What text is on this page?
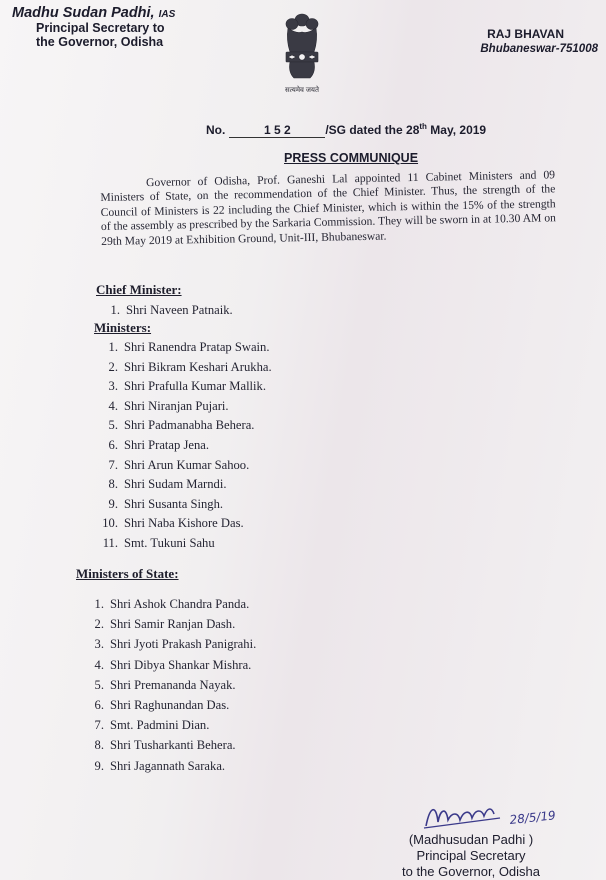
Madhu Sudan Padhi, IAS
Principal Secretary to
the Governor, Odisha
सत्यमेव जयते
RAJ BHAVAN
Bhubaneswar-751008
No.	1 5 2	/SG dated the 28th May, 2019
PRESS COMMUNIQUE

Governor of Odisha, Prof. Ganeshi Lal appointed 11 Cabinet Ministers and 09 Ministers of State, on the recommendation of the Chief Minister. Thus, the strength of the Council of Ministers is 22 including the Chief Minister, which is within the 15% of the strength of the assembly as prescribed by the Sarkaria Commission. They will be sworn in at 10.30 AM on 29th May 2019 at Exhibition Ground, Unit-III, Bhubaneswar.

Chief Minister:
1. Shri Naveen Patnaik.
Ministers:
1. Shri Ranendra Pratap Swain.
2. Shri Bikram Keshari Arukha.
3. Shri Prafulla Kumar Mallik.
4. Shri Niranjan Pujari.
5. Shri Padmanabha Behera.
6. Shri Pratap Jena.
7. Shri Arun Kumar Sahoo.
8. Shri Sudam Marndi.
9. Shri Susanta Singh.
10. Shri Naba Kishore Das.
11. Smt. Tukuni Sahu
Ministers of State:
1. Shri Ashok Chandra Panda.
2. Shri Samir Ranjan Dash.
3. Shri Jyoti Prakash Panigrahi.
4. Shri Dibya Shankar Mishra.
5. Shri Premananda Nayak.
6. Shri Raghunandan Das.
7. Smt. Padmini Dian.
8. Shri Tusharkanti Behera.
9. Shri Jagannath Saraka.
28/5/19
(Madhusudan Padhi )
Principal Secretary
to the Governor, Odisha
